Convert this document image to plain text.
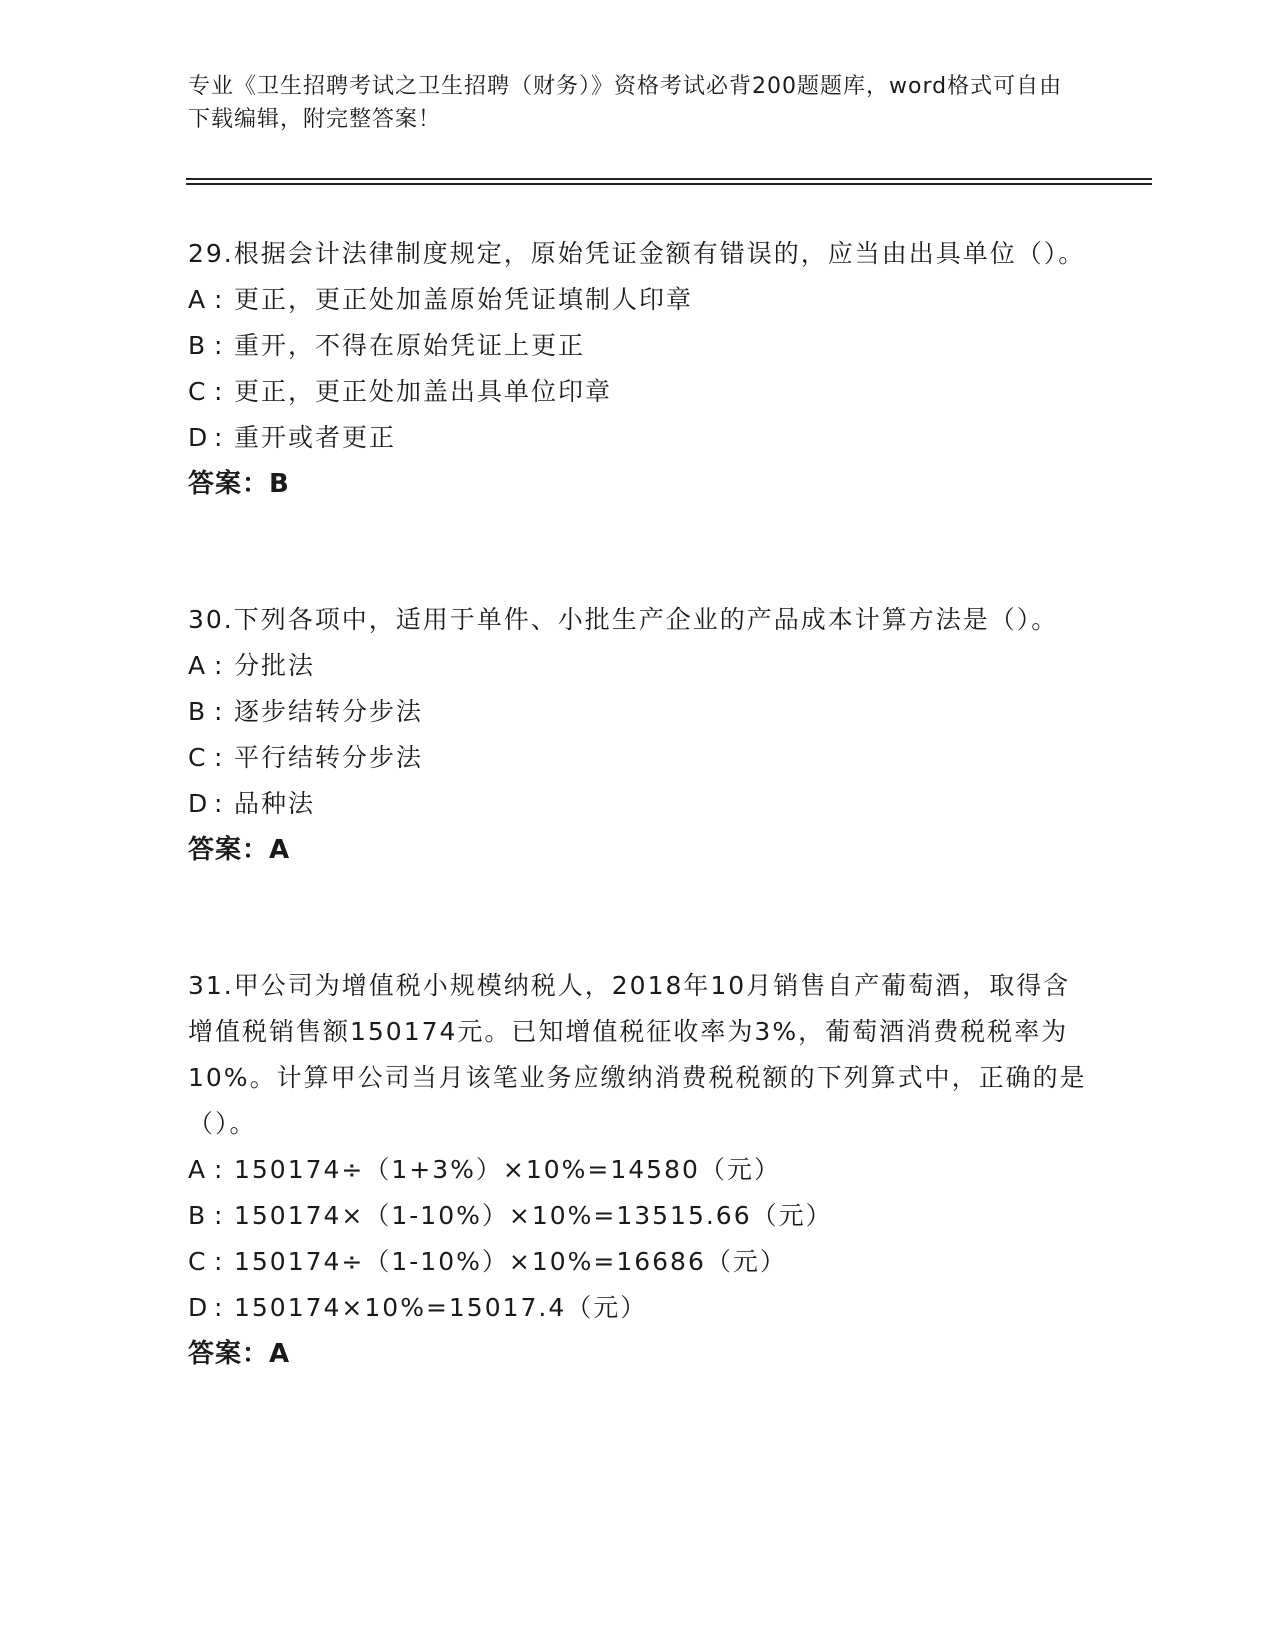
专业《卫生招聘考试之卫生招聘（财务）》资格考试必背200题题库，word格式可自由下载编辑，附完整答案！

29.根据会计法律制度规定，原始凭证金额有错误的，应当由出具单位（）。

A : 更正，更正处加盖原始凭证填制人印章
B : 重开，不得在原始凭证上更正
C : 更正，更正处加盖出具单位印章
D : 重开或者更正
答案：B

30.下列各项中，适用于单件、小批生产企业的产品成本计算方法是（）。

A : 分批法
B : 逐步结转分步法
C : 平行结转分步法
D : 品种法
答案：A

31.甲公司为增值税小规模纳税人，2018年10月销售自产葡萄酒，取得含增值税销售额150174元。已知增值税征收率为3%，葡萄酒消费税税率为10%。计算甲公司当月该笔业务应缴纳消费税税额的下列算式中，正确的是（）。

A : 150174÷（1+3%）×10%=14580（元）
B : 150174×（1-10%）×10%=13515.66（元）
C : 150174÷（1-10%）×10%=16686（元）
D : 150174×10%=15017.4（元）
答案：A
